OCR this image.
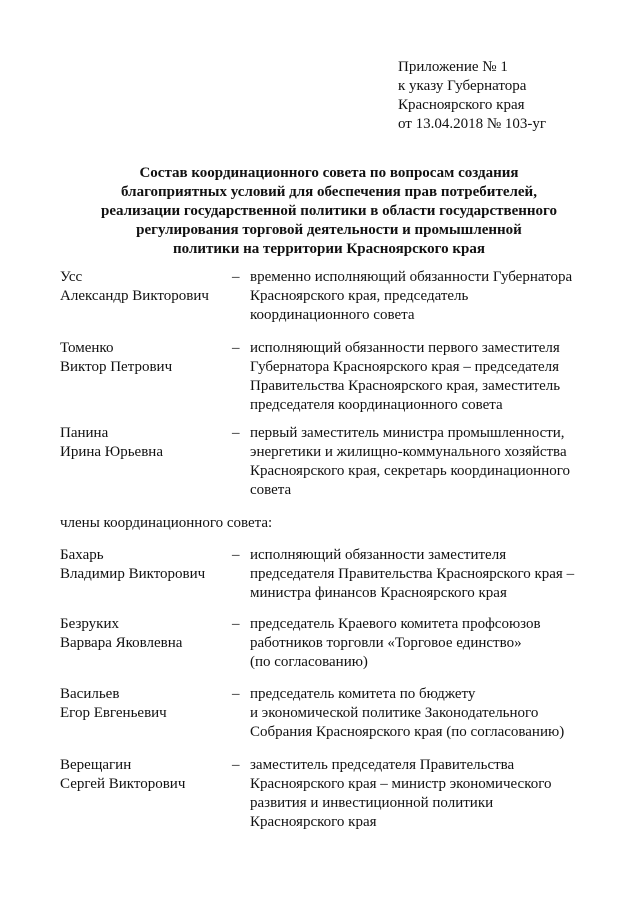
Приложение № 1
к указу Губернатора
Красноярского края
от 13.04.2018 № 103-уг
Состав координационного совета по вопросам создания
благоприятных условий для обеспечения прав потребителей,
реализации государственной политики в области государственного
регулирования торговой деятельности и промышленной
политики на территории Красноярского края
Усс
Александр Викторович
– временно исполняющий обязанности Губернатора
Красноярского края, председатель
координационного совета
Томенко
Виктор Петрович
– исполняющий обязанности первого заместителя
Губернатора Красноярского края – председателя
Правительства Красноярского края, заместитель
председателя координационного совета
Панина
Ирина Юрьевна
– первый заместитель министра промышленности,
энергетики и жилищно-коммунального хозяйства
Красноярского края, секретарь координационного
совета
члены координационного совета:
Бахарь
Владимир Викторович
– исполняющий обязанности заместителя
председателя Правительства Красноярского края –
министра финансов Красноярского края
Безруких
Варвара Яковлевна
– председатель Краевого комитета профсоюзов
работников торговли «Торговое единство»
(по согласованию)
Васильев
Егор Евгеньевич
– председатель комитета по бюджету
и экономической политике Законодательного
Собрания Красноярского края (по согласованию)
Верещагин
Сергей Викторович
– заместитель председателя Правительства
Красноярского края – министр экономического
развития и инвестиционной политики
Красноярского края
